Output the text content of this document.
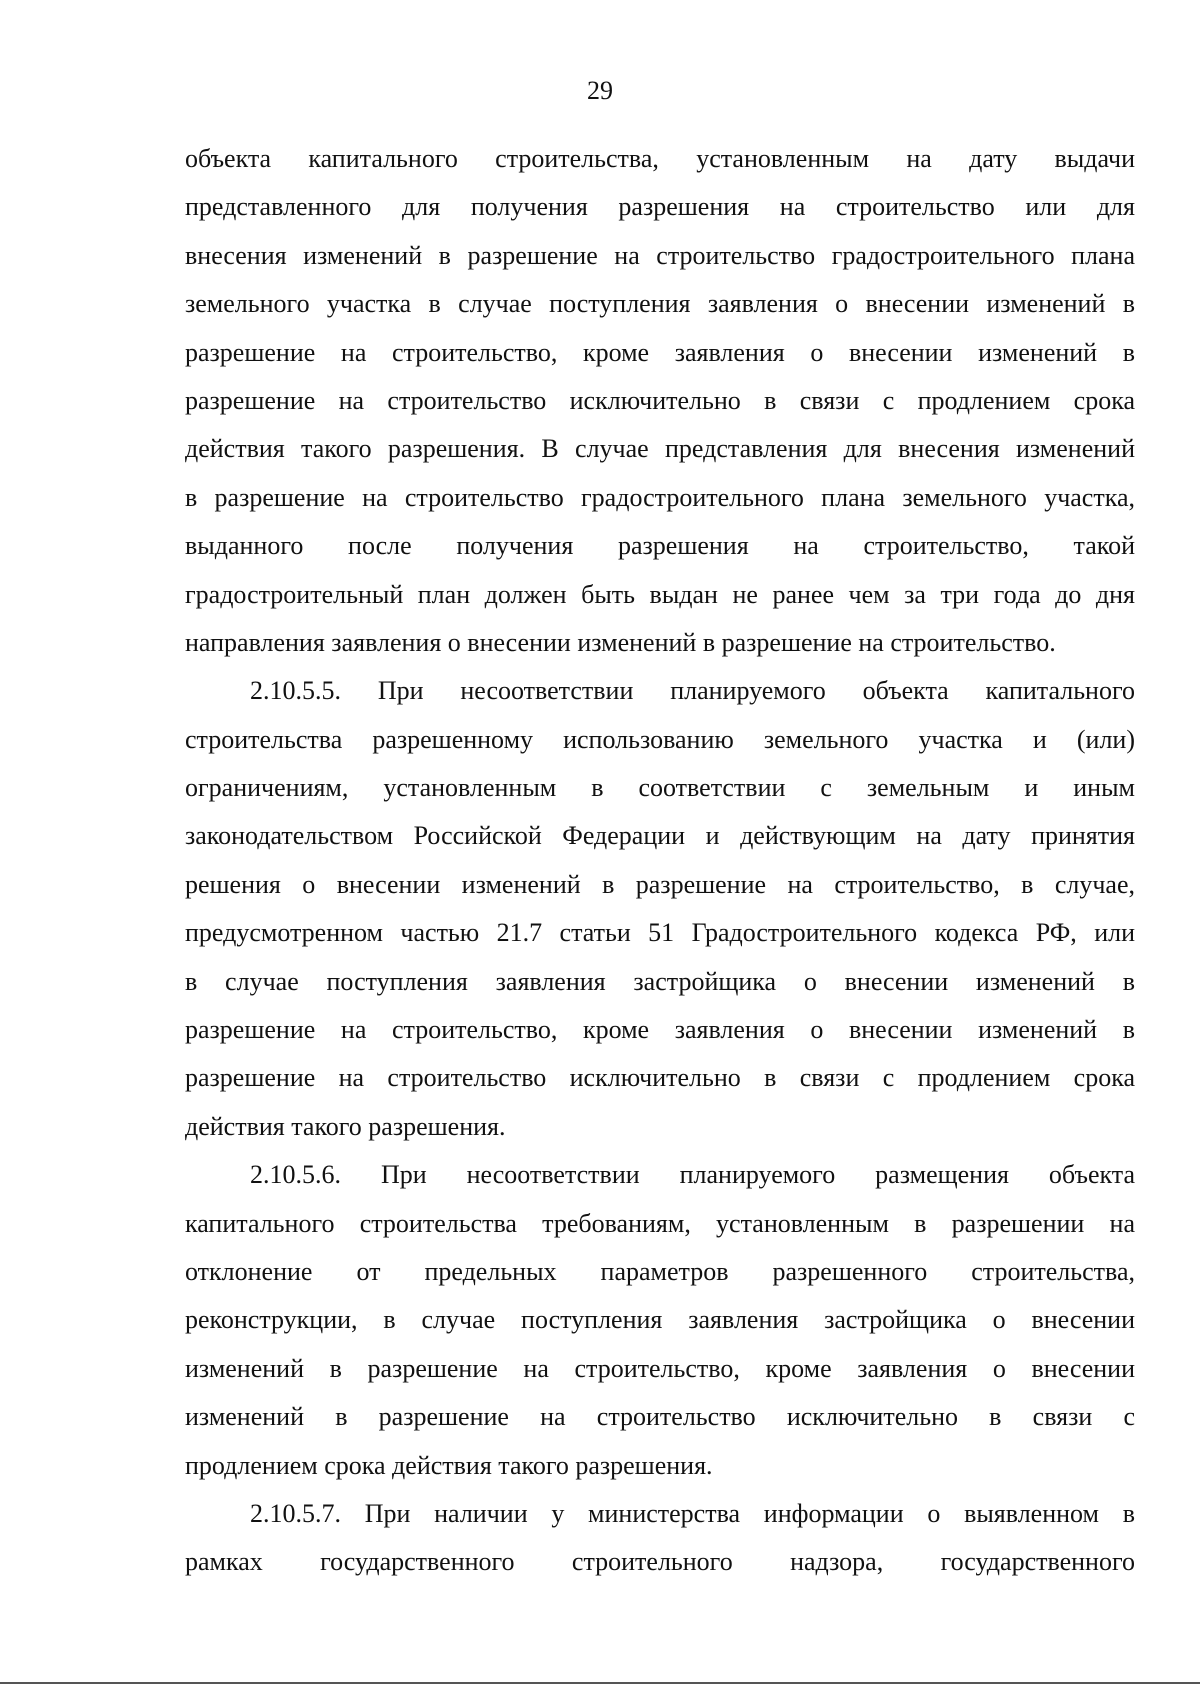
29
объекта капитального строительства, установленным на дату выдачи
представленного для получения разрешения на строительство или для
внесения изменений в разрешение на строительство градостроительного плана
земельного участка в случае поступления заявления о внесении изменений в
разрешение на строительство, кроме заявления о внесении изменений в
разрешение на строительство исключительно в связи с продлением срока
действия такого разрешения. В случае представления для внесения изменений
в разрешение на строительство градостроительного плана земельного участка,
выданного после получения разрешения на строительство, такой
градостроительный план должен быть выдан не ранее чем за три года до дня
направления заявления о внесении изменений в разрешение на строительство.
2.10.5.5. При несоответствии планируемого объекта капитального
строительства разрешенному использованию земельного участка и (или)
ограничениям, установленным в соответствии с земельным и иным
законодательством Российской Федерации и действующим на дату принятия
решения о внесении изменений в разрешение на строительство, в случае,
предусмотренном частью 21.7 статьи 51 Градостроительного кодекса РФ, или
в случае поступления заявления застройщика о внесении изменений в
разрешение на строительство, кроме заявления о внесении изменений в
разрешение на строительство исключительно в связи с продлением срока
действия такого разрешения.
2.10.5.6. При несоответствии планируемого размещения объекта
капитального строительства требованиям, установленным в разрешении на
отклонение от предельных параметров разрешенного строительства,
реконструкции, в случае поступления заявления застройщика о внесении
изменений в разрешение на строительство, кроме заявления о внесении
изменений в разрешение на строительство исключительно в связи с
продлением срока действия такого разрешения.
2.10.5.7. При наличии у министерства информации о выявленном в
рамках государственного строительного надзора, государственного
